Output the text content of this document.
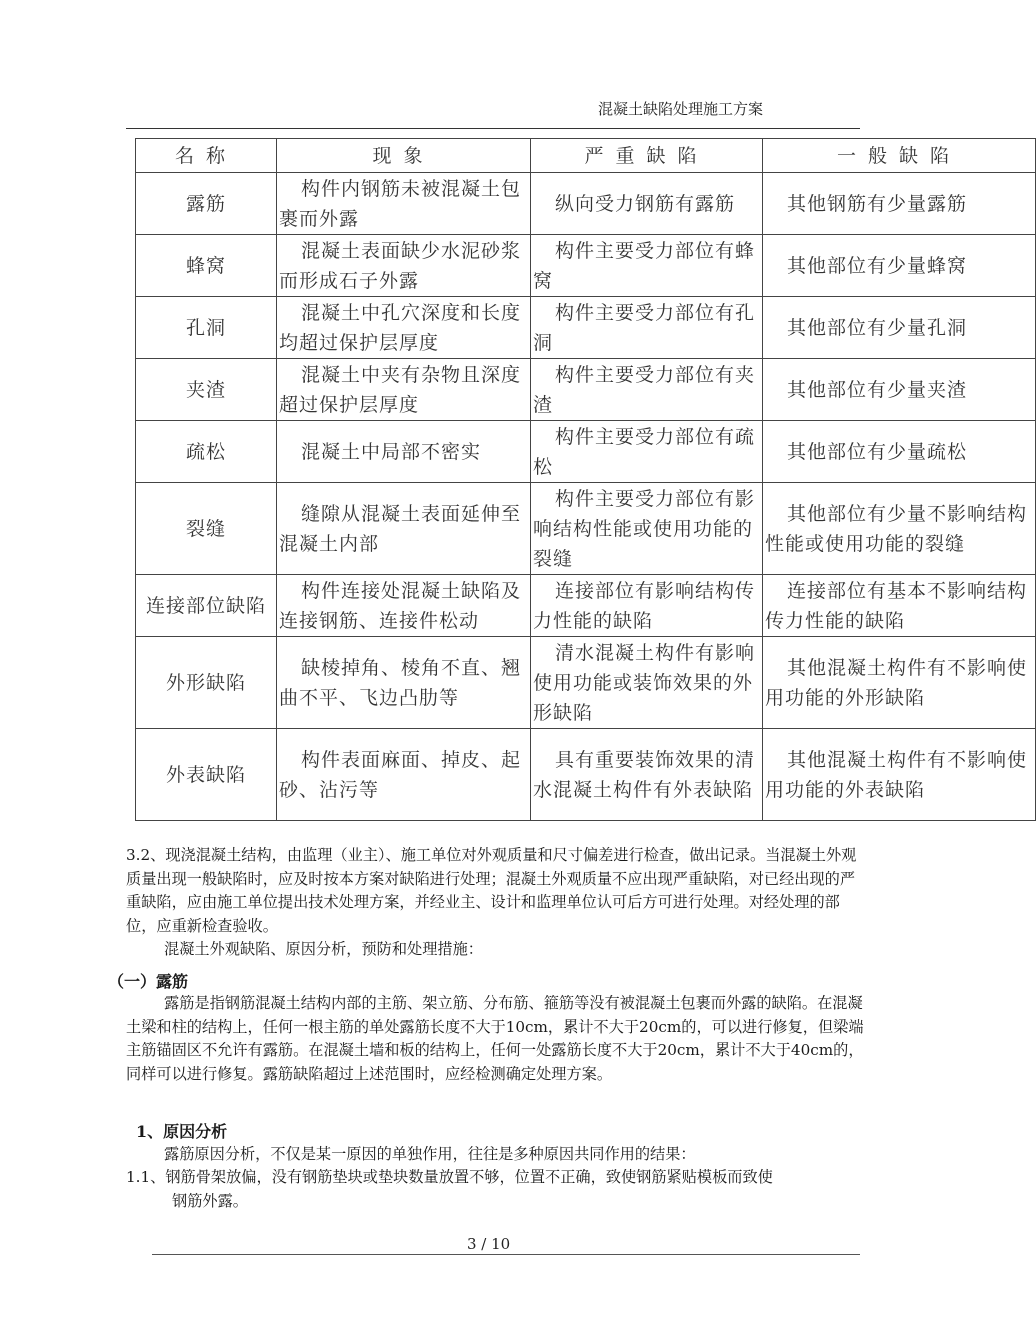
混凝土缺陷处理施工方案
名称	现象	严重缺陷	一般缺陷
露筋	构件内钢筋未被混凝土包裹而外露	纵向受力钢筋有露筋	其他钢筋有少量露筋
蜂窝	混凝土表面缺少水泥砂浆而形成石子外露	构件主要受力部位有蜂窝	其他部位有少量蜂窝
孔洞	混凝土中孔穴深度和长度均超过保护层厚度	构件主要受力部位有孔洞	其他部位有少量孔洞
夹渣	混凝土中夹有杂物且深度超过保护层厚度	构件主要受力部位有夹渣	其他部位有少量夹渣
疏松	混凝土中局部不密实	构件主要受力部位有疏松	其他部位有少量疏松
裂缝	缝隙从混凝土表面延伸至混凝土内部	构件主要受力部位有影响结构性能或使用功能的裂缝	其他部位有少量不影响结构性能或使用功能的裂缝
连接部位缺陷	构件连接处混凝土缺陷及连接钢筋、连接件松动	连接部位有影响结构传力性能的缺陷	连接部位有基本不影响结构传力性能的缺陷
外形缺陷	缺棱掉角、棱角不直、翘曲不平、飞边凸肋等	清水混凝土构件有影响使用功能或装饰效果的外形缺陷	其他混凝土构件有不影响使用功能的外形缺陷
外表缺陷	构件表面麻面、掉皮、起砂、沾污等	具有重要装饰效果的清水混凝土构件有外表缺陷	其他混凝土构件有不影响使用功能的外表缺陷
3.2、现浇混凝土结构，由监理（业主）、施工单位对外观质量和尺寸偏差进行检查，做出记录。当混凝土外观质量出现一般缺陷时，应及时按本方案对缺陷进行处理；混凝土外观质量不应出现严重缺陷，对已经出现的严重缺陷，应由施工单位提出技术处理方案，并经业主、设计和监理单位认可后方可进行处理。对经处理的部位，应重新检查验收。
混凝土外观缺陷、原因分析，预防和处理措施：
（一）露筋
露筋是指钢筋混凝土结构内部的主筋、架立筋、分布筋、箍筋等没有被混凝土包裹而外露的缺陷。在混凝土梁和柱的结构上，任何一根主筋的单处露筋长度不大于10cm，累计不大于20cm的，可以进行修复，但梁端主筋锚固区不允许有露筋。在混凝土墙和板的结构上，任何一处露筋长度不大于20cm，累计不大于40cm的，同样可以进行修复。露筋缺陷超过上述范围时，应经检测确定处理方案。
1、原因分析
露筋原因分析，不仅是某一原因的单独作用，往往是多种原因共同作用的结果：
1.1、钢筋骨架放偏，没有钢筋垫块或垫块数量放置不够，位置不正确，致使钢筋紧贴模板而致使
钢筋外露。
3 / 10
